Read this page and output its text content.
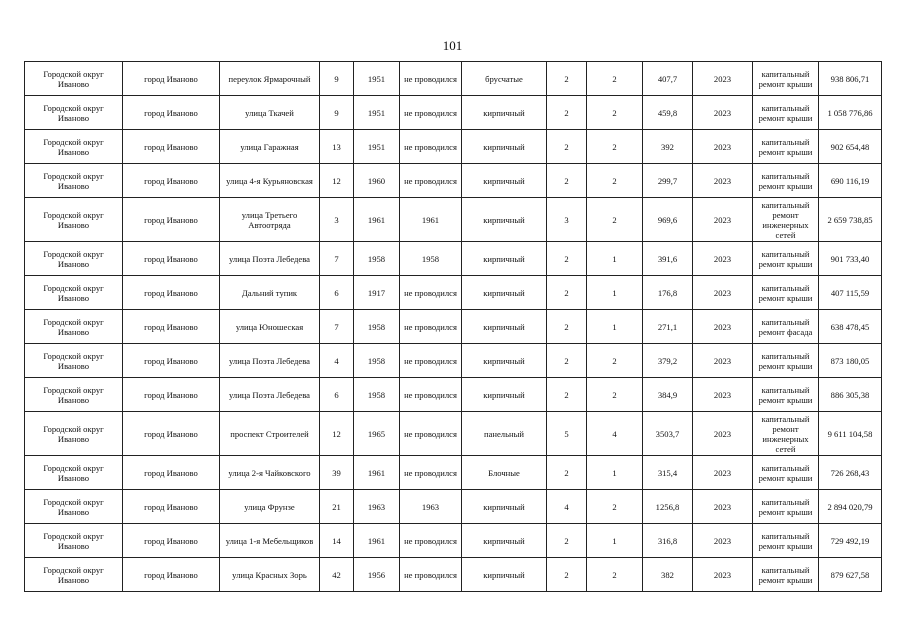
101
Городской округ Иваново	город Иваново	переулок Ярмарочный	9	1951	не проводился	брусчатые	2	2	407,7	2023	капитальный ремонт крыши	938 806,71
Городской округ Иваново	город Иваново	улица Ткачей	9	1951	не проводился	кирпичный	2	2	459,8	2023	капитальный ремонт крыши	1 058 776,86
Городской округ Иваново	город Иваново	улица Гаражная	13	1951	не проводился	кирпичный	2	2	392	2023	капитальный ремонт крыши	902 654,48
Городской округ Иваново	город Иваново	улица 4-я Курьяновская	12	1960	не проводился	кирпичный	2	2	299,7	2023	капитальный ремонт крыши	690 116,19
Городской округ Иваново	город Иваново	улица Третьего Автоотряда	3	1961	1961	кирпичный	3	2	969,6	2023	капитальный ремонт инженерных сетей	2 659 738,85
Городской округ Иваново	город Иваново	улица Поэта Лебедева	7	1958	1958	кирпичный	2	1	391,6	2023	капитальный ремонт крыши	901 733,40
Городской округ Иваново	город Иваново	Дальний тупик	6	1917	не проводился	кирпичный	2	1	176,8	2023	капитальный ремонт крыши	407 115,59
Городской округ Иваново	город Иваново	улица Юношеская	7	1958	не проводился	кирпичный	2	1	271,1	2023	капитальный ремонт фасада	638 478,45
Городской округ Иваново	город Иваново	улица Поэта Лебедева	4	1958	не проводился	кирпичный	2	2	379,2	2023	капитальный ремонт крыши	873 180,05
Городской округ Иваново	город Иваново	улица Поэта Лебедева	6	1958	не проводился	кирпичный	2	2	384,9	2023	капитальный ремонт крыши	886 305,38
Городской округ Иваново	город Иваново	проспект Строителей	12	1965	не проводился	панельный	5	4	3503,7	2023	капитальный ремонт инженерных сетей	9 611 104,58
Городской округ Иваново	город Иваново	улица 2-я Чайковского	39	1961	не проводился	Блочные	2	1	315,4	2023	капитальный ремонт крыши	726 268,43
Городской округ Иваново	город Иваново	улица Фрунзе	21	1963	1963	кирпичный	4	2	1256,8	2023	капитальный ремонт крыши	2 894 020,79
Городской округ Иваново	город Иваново	улица 1-я Мебельщиков	14	1961	не проводился	кирпичный	2	1	316,8	2023	капитальный ремонт крыши	729 492,19
Городской округ Иваново	город Иваново	улица Красных Зорь	42	1956	не проводился	кирпичный	2	2	382	2023	капитальный ремонт крыши	879 627,58
